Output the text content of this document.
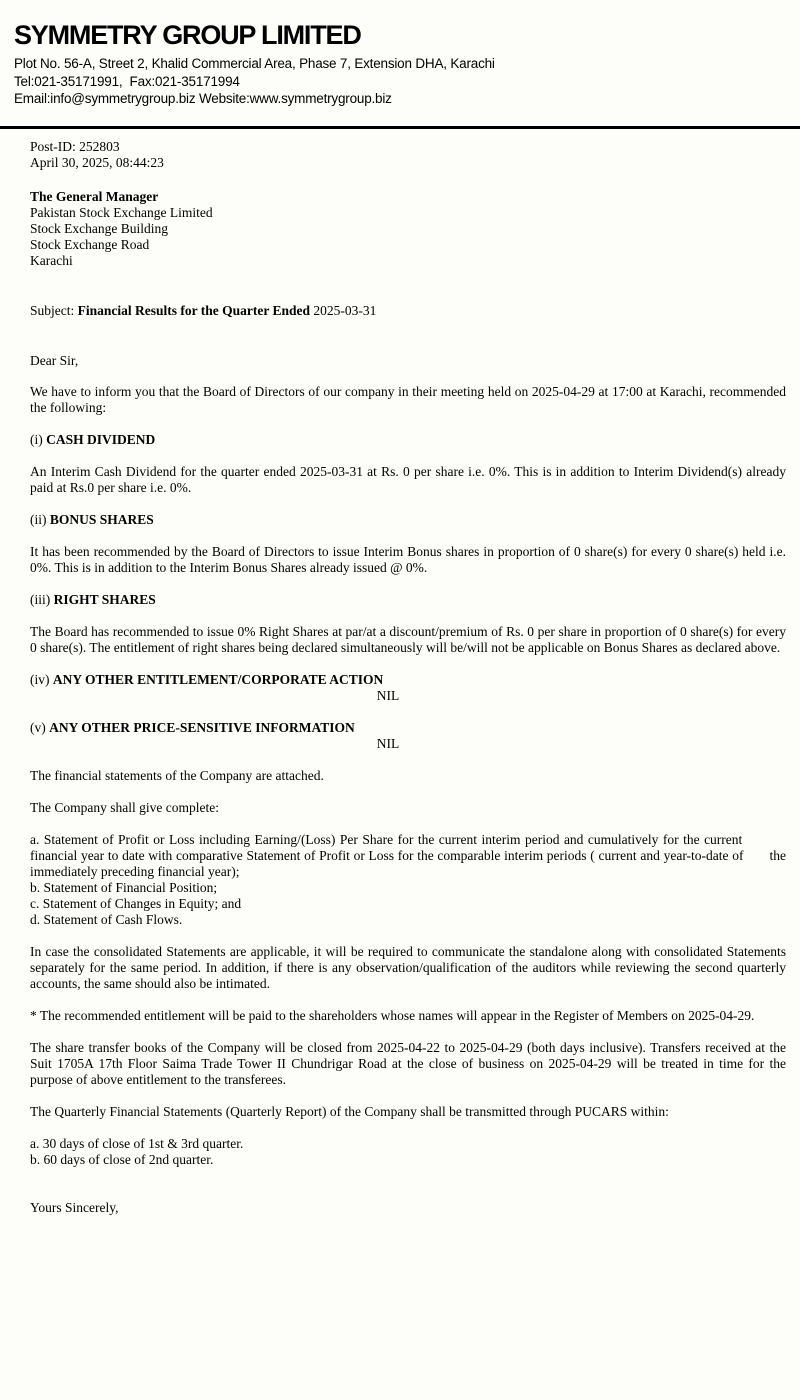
SYMMETRY GROUP LIMITED
Plot No. 56-A, Street 2, Khalid Commercial Area, Phase 7, Extension DHA, Karachi
Tel:021-35171991,  Fax:021-35171994
Email:info@symmetrygroup.biz Website:www.symmetrygroup.biz
Post-ID: 252803
April 30, 2025, 08:44:23
The General Manager
Pakistan Stock Exchange Limited
Stock Exchange Building
Stock Exchange Road
Karachi
Subject: Financial Results for the Quarter Ended 2025-03-31
Dear Sir,
We have to inform you that the Board of Directors of our company in their meeting held on 2025-04-29 at 17:00 at Karachi, recommended the following:
(i) CASH DIVIDEND
An Interim Cash Dividend for the quarter ended 2025-03-31 at Rs. 0 per share i.e. 0%. This is in addition to Interim Dividend(s) already paid at Rs.0 per share i.e. 0%.
(ii) BONUS SHARES
It has been recommended by the Board of Directors to issue Interim Bonus shares in proportion of 0 share(s) for every 0 share(s) held i.e. 0%. This is in addition to the Interim Bonus Shares already issued @ 0%.
(iii) RIGHT SHARES
The Board has recommended to issue 0% Right Shares at par/at a discount/premium of Rs. 0 per share in proportion of 0 share(s) for every 0 share(s). The entitlement of right shares being declared simultaneously will be/will not be applicable on Bonus Shares as declared above.
(iv) ANY OTHER ENTITLEMENT/CORPORATE ACTION
NIL
(v) ANY OTHER PRICE-SENSITIVE INFORMATION
NIL
The financial statements of the Company are attached.
The Company shall give complete:
a. Statement of Profit or Loss including Earning/(Loss) Per Share for the current interim period and cumulatively for the current           financial year to date with comparative Statement of Profit or Loss for the comparable interim periods ( current and year-to-date of       the immediately preceding financial year);
b. Statement of Financial Position;
c. Statement of Changes in Equity; and
d. Statement of Cash Flows.
In case the consolidated Statements are applicable, it will be required to communicate the standalone along with consolidated Statements separately for the same period. In addition, if there is any observation/qualification of the auditors while reviewing the second quarterly accounts, the same should also be intimated.
* The recommended entitlement will be paid to the shareholders whose names will appear in the Register of Members on 2025-04-29.
The share transfer books of the Company will be closed from 2025-04-22 to 2025-04-29 (both days inclusive). Transfers received at the Suit 1705A 17th Floor Saima Trade Tower II Chundrigar Road at the close of business on 2025-04-29 will be treated in time for the purpose of above entitlement to the transferees.
The Quarterly Financial Statements (Quarterly Report) of the Company shall be transmitted through PUCARS within:
a. 30 days of close of 1st & 3rd quarter.
b. 60 days of close of 2nd quarter.
Yours Sincerely,
